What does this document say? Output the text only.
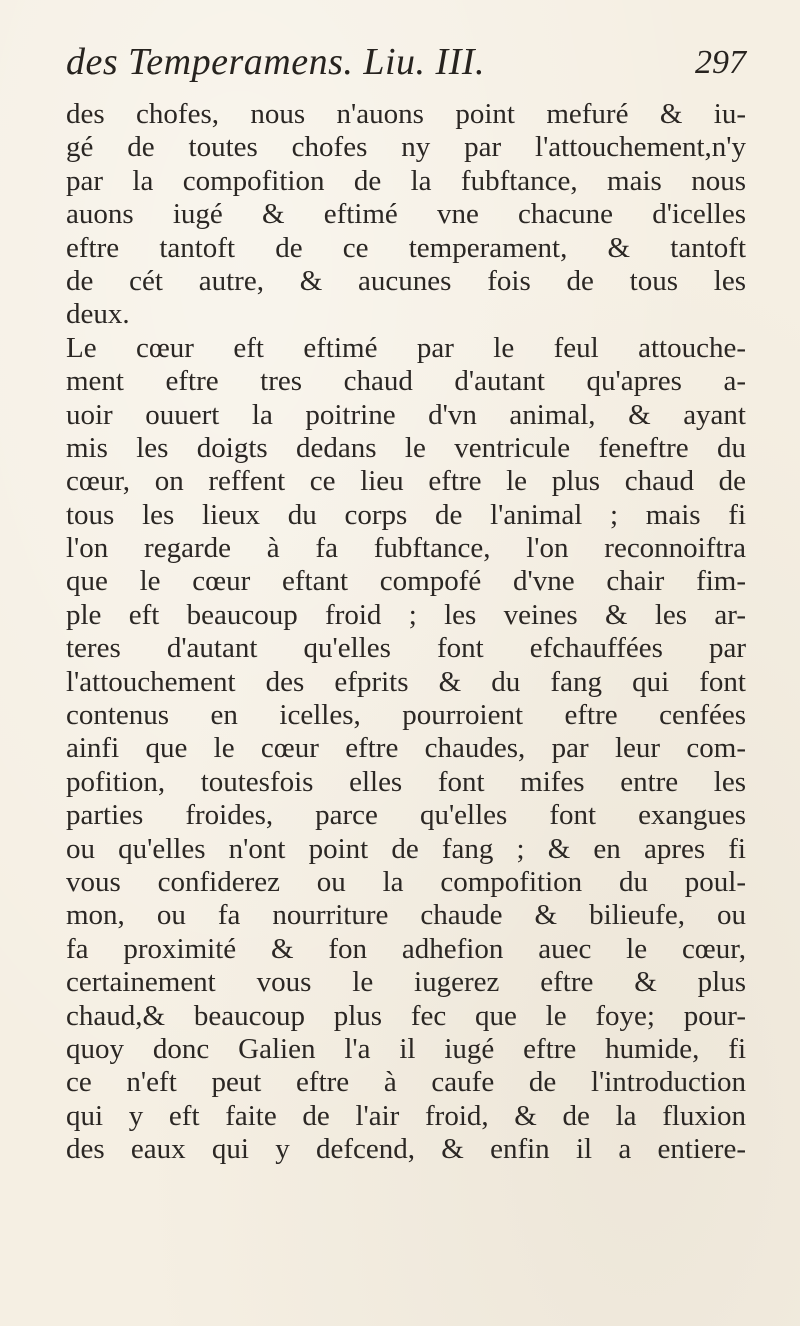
des Temperamens. Liu. III.	297
des chofes, nous n'auons point mefuré & iu-
gé de toutes chofes ny par l'attouchement,n'y
par la compofition de la fubftance, mais nous
auons iugé & eftimé vne chacune d'icelles
eftre tantoft de ce temperament, & tantoft
de cét autre, & aucunes fois de tous les
deux.
Le cœur eft eftimé par le feul attouche-
ment eftre tres chaud d'autant qu'apres a-
uoir ouuert la poitrine d'vn animal, & ayant
mis les doigts dedans le ventricule feneftre du
cœur, on reffent ce lieu eftre le plus chaud de
tous les lieux du corps de l'animal ; mais fi
l'on regarde à fa fubftance, l'on reconnoiftra
que le cœur eftant compofé d'vne chair fim-
ple eft beaucoup froid ; les veines & les ar-
teres d'autant qu'elles font efchauffées par
l'attouchement des efprits & du fang qui font
contenus en icelles, pourroient eftre cenfées
ainfi que le cœur eftre chaudes, par leur com-
pofition, toutesfois elles font mifes entre les
parties froides, parce qu'elles font exangues
ou qu'elles n'ont point de fang ; & en apres fi
vous confiderez ou la compofition du poul-
mon, ou fa nourriture chaude & bilieufe, ou
fa proximité & fon adhefion auec le cœur,
certainement vous le iugerez eftre & plus
chaud,& beaucoup plus fec que le foye; pour-
quoy donc Galien l'a il iugé eftre humide, fi
ce n'eft peut eftre à caufe de l'introduction
qui y eft faite de l'air froid, & de la fluxion
des eaux qui y defcend, & enfin il a entiere-
